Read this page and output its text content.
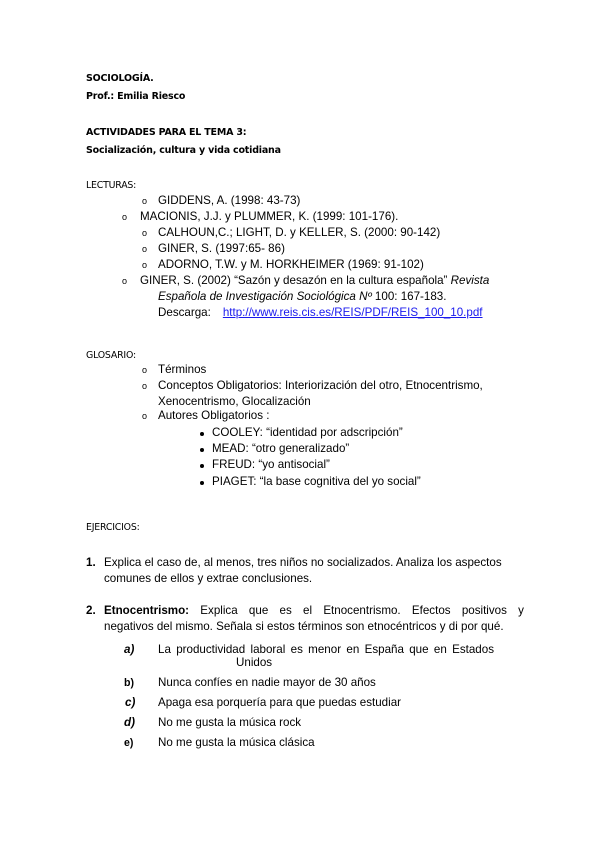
SOCIOLOGÍA.
Prof.: Emilia Riesco
ACTIVIDADES PARA EL TEMA 3:
Socialización, cultura y vida cotidiana
LECTURAS:
o GIDDENS, A. (1998: 43-73)
o MACIONIS, J.J. y PLUMMER, K. (1999: 101-176).
o CALHOUN,C.; LIGHT, D. y KELLER, S. (2000: 90-142)
o GINER, S. (1997:65- 86)
o ADORNO, T.W. y M. HORKHEIMER (1969: 91-102)
o GINER, S. (2002) “Sazón y desazón en la cultura española” Revista
Española de Investigación Sociológica Nº 100: 167-183.
Descarga: http://www.reis.cis.es/REIS/PDF/REIS_100_10.pdf
GLOSARIO:
o Términos
o Conceptos Obligatorios: Interiorización del otro, Etnocentrismo,
Xenocentrismo, Glocalización
o Autores Obligatorios :
COOLEY: “identidad por adscripción”
MEAD: “otro generalizado”
FREUD: “yo antisocial”
PIAGET: “la base cognitiva del yo social”
EJERCICIOS:
1. Explica el caso de, al menos, tres niños no socializados. Analiza los aspectos
comunes de ellos y extrae conclusiones.
2. Etnocentrismo: Explica que es el Etnocentrismo. Efectos positivos y
negativos del mismo. Señala si estos términos son etnocéntricos y di por qué.
a) La productividad laboral es menor en España que en Estados
Unidos
b) Nunca confíes en nadie mayor de 30 años
c) Apaga esa porquería para que puedas estudiar
d) No me gusta la música rock
e) No me gusta la música clásica
